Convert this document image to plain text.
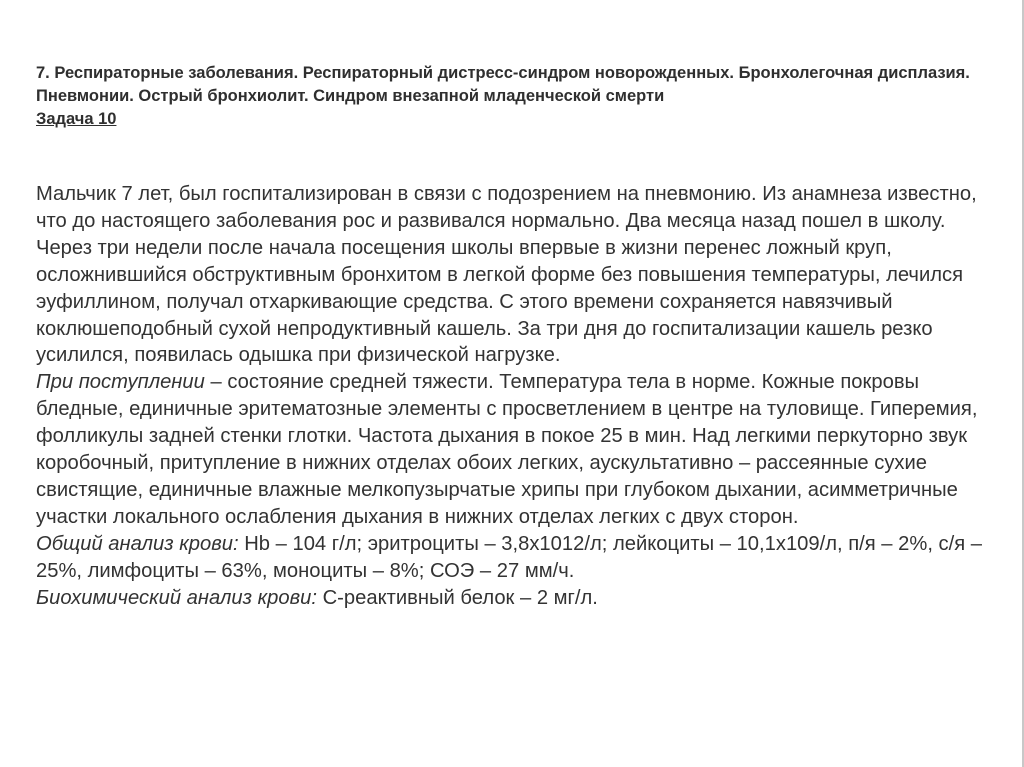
7. Респираторные заболевания. Респираторный дистресс-синдром новорожденных. Бронхолегочная дисплазия. Пневмонии. Острый бронхиолит. Синдром внезапной младенческой смерти
Задача 10

Мальчик 7 лет, был госпитализирован в связи с подозрением на пневмонию. Из анамнеза известно, что до настоящего заболевания рос и развивался нормально. Два месяца назад пошел в школу. Через три недели после начала посещения школы впервые в жизни перенес ложный круп, осложнившийся обструктивным бронхитом в легкой форме без повышения температуры, лечился эуфиллином, получал отхаркивающие средства. С этого времени сохраняется навязчивый коклюшеподобный сухой непродуктивный кашель. За три дня до госпитализации кашель резко усилился, появилась одышка при физической нагрузке.

При поступлении – состояние средней тяжести. Температура тела в норме. Кожные покровы бледные, единичные эритематозные элементы с просветлением в центре на туловище. Гиперемия, фолликулы задней стенки глотки. Частота дыхания в покое 25 в мин. Над легкими перкуторно звук коробочный, притупление в нижних отделах обоих легких, аускультативно – рассеянные сухие свистящие, единичные влажные мелкопузырчатые хрипы при глубоком дыхании, асимметричные участки локального ослабления дыхания в нижних отделах легких с двух сторон.

Общий анализ крови: Hb – 104 г/л; эритроциты – 3,8х1012/л; лейкоциты – 10,1х109/л, п/я – 2%, с/я – 25%, лимфоциты – 63%, моноциты – 8%; СОЭ – 27 мм/ч.

Биохимический анализ крови: С-реактивный белок – 2 мг/л.
